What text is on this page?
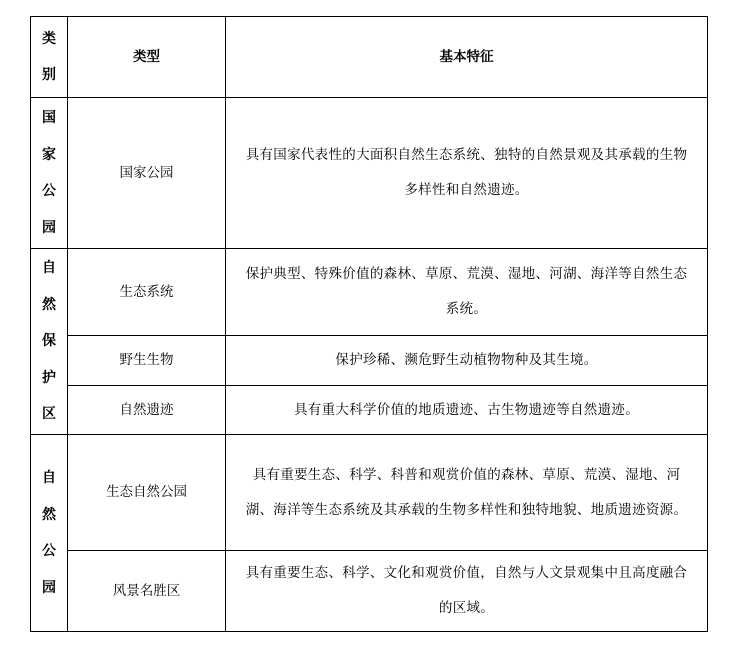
类
别	类型	基本特征

国
家
公
园	国家公园	具有国家代表性的大面积自然生态系统、独特的自然景观及其承载的生物多样性和自然遗迹。

自
然
保
护
区	生态系统	保护典型、特殊价值的森林、草原、荒漠、湿地、河湖、海洋等自然生态系统。
	野生生物	保护珍稀、濒危野生动植物物种及其生境。
	自然遗迹	具有重大科学价值的地质遗迹、古生物遗迹等自然遗迹。

自
然
公
园	生态自然公园	具有重要生态、科学、科普和观赏价值的森林、草原、荒漠、湿地、河湖、海洋等生态系统及其承载的生物多样性和独特地貌、地质遗迹资源。
	风景名胜区	具有重要生态、科学、文化和观赏价值，自然与人文景观集中且高度融合的区域。
